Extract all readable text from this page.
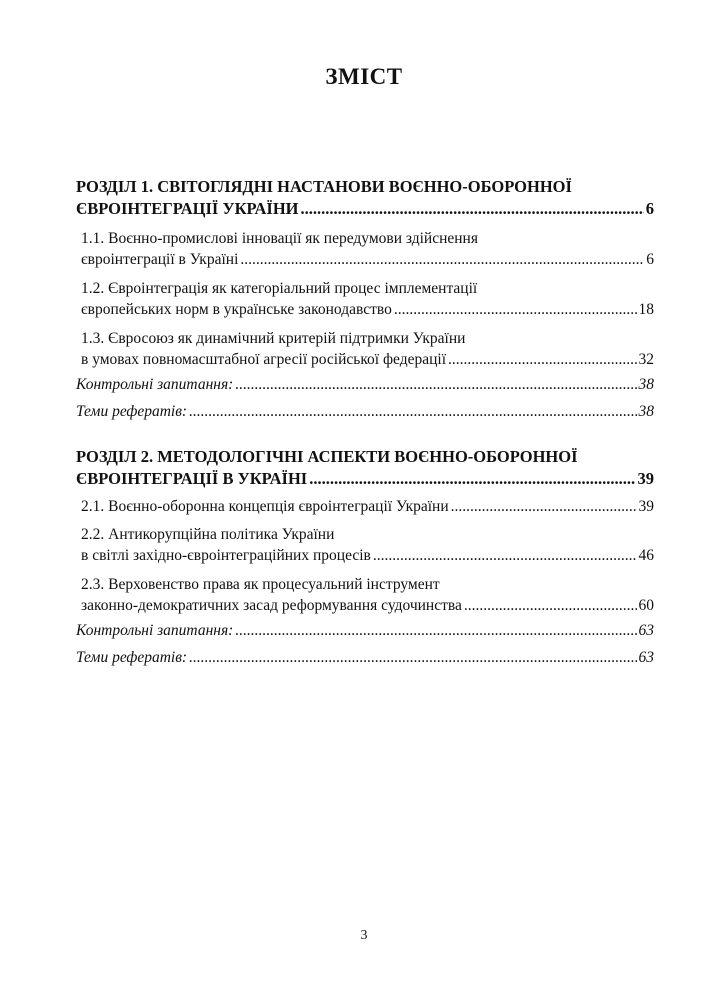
ЗМІСТ
РОЗДІЛ 1. СВІТОГЛЯДНІ НАСТАНОВИ ВОЄННО-ОБОРОННОЇ
ЄВРОІНТЕГРАЦІЇ УКРАЇНИ .....	6
1.1. Воєнно-промислові інновації як передумови здійснення
євроінтеграції в Україні .....	6
1.2. Євроінтеграція як категоріальний процес імплементації
європейських норм в українське законодавство .....	18
1.3. Євросоюз як динамічний критерій підтримки України
в умовах повномасштабної агресії російської федерації .....	32
Контрольні запитання: .....	38
Теми рефератів: .....	38
РОЗДІЛ 2. МЕТОДОЛОГІЧНІ АСПЕКТИ ВОЄННО-ОБОРОННОЇ
ЄВРОІНТЕГРАЦІЇ В УКРАЇНІ .....	39
2.1. Воєнно-оборонна концепція євроінтеграції України .....	39
2.2. Антикорупційна політика України
в світлі західно-євроінтеграційних процесів .....	46
2.3. Верховенство права як процесуальний інструмент
законно-демократичних засад реформування судочинства .....	60
Контрольні запитання: .....	63
Теми рефератів: .....	63
3
